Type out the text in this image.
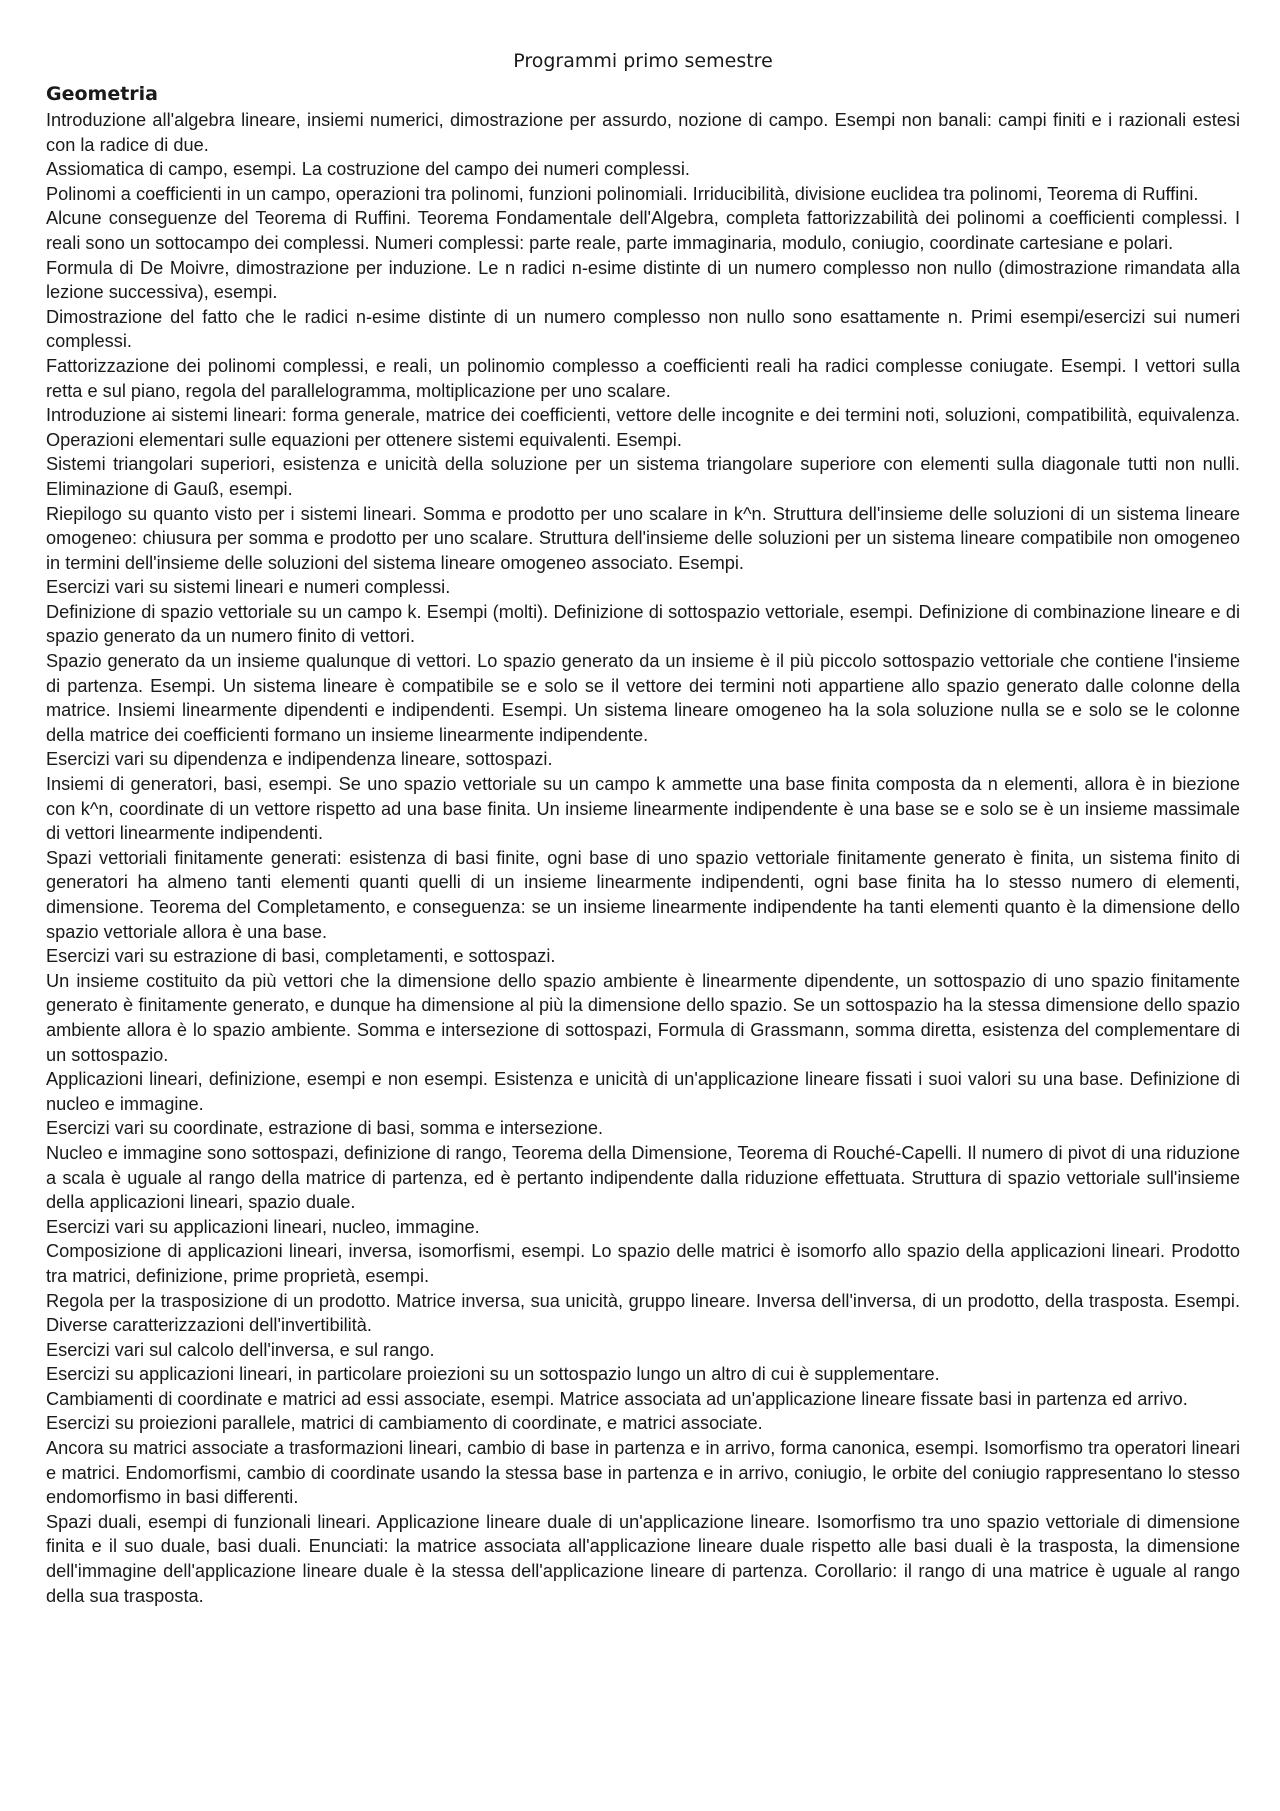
Programmi primo semestre
Geometria

Introduzione all'algebra lineare, insiemi numerici, dimostrazione per assurdo, nozione di campo. Esempi non banali: campi finiti e i razionali estesi con la radice di due.

Assiomatica di campo, esempi. La costruzione del campo dei numeri complessi.

Polinomi a coefficienti in un campo, operazioni tra polinomi, funzioni polinomiali. Irriducibilità, divisione euclidea tra polinomi, Teorema di Ruffini.

Alcune conseguenze del Teorema di Ruffini. Teorema Fondamentale dell'Algebra, completa fattorizzabilità dei polinomi a coefficienti complessi. I reali sono un sottocampo dei complessi. Numeri complessi: parte reale, parte immaginaria, modulo, coniugio, coordinate cartesiane e polari.

Formula di De Moivre, dimostrazione per induzione. Le n radici n-esime distinte di un numero complesso non nullo (dimostrazione rimandata alla lezione successiva), esempi.

Dimostrazione del fatto che le radici n-esime distinte di un numero complesso non nullo sono esattamente n. Primi esempi/esercizi sui numeri complessi.

Fattorizzazione dei polinomi complessi, e reali, un polinomio complesso a coefficienti reali ha radici complesse coniugate. Esempi. I vettori sulla retta e sul piano, regola del parallelogramma, moltiplicazione per uno scalare.

Introduzione ai sistemi lineari: forma generale, matrice dei coefficienti, vettore delle incognite e dei termini noti, soluzioni, compatibilità, equivalenza. Operazioni elementari sulle equazioni per ottenere sistemi equivalenti. Esempi.

Sistemi triangolari superiori, esistenza e unicità della soluzione per un sistema triangolare superiore con elementi sulla diagonale tutti non nulli. Eliminazione di Gauß, esempi.

Riepilogo su quanto visto per i sistemi lineari. Somma e prodotto per uno scalare in k^n. Struttura dell'insieme delle soluzioni di un sistema lineare omogeneo: chiusura per somma e prodotto per uno scalare. Struttura dell'insieme delle soluzioni per un sistema lineare compatibile non omogeneo in termini dell'insieme delle soluzioni del sistema lineare omogeneo associato. Esempi.

Esercizi vari su sistemi lineari e numeri complessi.

Definizione di spazio vettoriale su un campo k. Esempi (molti). Definizione di sottospazio vettoriale, esempi. Definizione di combinazione lineare e di spazio generato da un numero finito di vettori.

Spazio generato da un insieme qualunque di vettori. Lo spazio generato da un insieme è il più piccolo sottospazio vettoriale che contiene l'insieme di partenza. Esempi. Un sistema lineare è compatibile se e solo se il vettore dei termini noti appartiene allo spazio generato dalle colonne della matrice. Insiemi linearmente dipendenti e indipendenti. Esempi. Un sistema lineare omogeneo ha la sola soluzione nulla se e solo se le colonne della matrice dei coefficienti formano un insieme linearmente indipendente.

Esercizi vari su dipendenza e indipendenza lineare, sottospazi.

Insiemi di generatori, basi, esempi. Se uno spazio vettoriale su un campo k ammette una base finita composta da n elementi, allora è in biezione con k^n, coordinate di un vettore rispetto ad una base finita. Un insieme linearmente indipendente è una base se e solo se è un insieme massimale di vettori linearmente indipendenti.

Spazi vettoriali finitamente generati: esistenza di basi finite, ogni base di uno spazio vettoriale finitamente generato è finita, un sistema finito di generatori ha almeno tanti elementi quanti quelli di un insieme linearmente indipendenti, ogni base finita ha lo stesso numero di elementi, dimensione. Teorema del Completamento, e conseguenza: se un insieme linearmente indipendente ha tanti elementi quanto è la dimensione dello spazio vettoriale allora è una base.

Esercizi vari su estrazione di basi, completamenti, e sottospazi.

Un insieme costituito da più vettori che la dimensione dello spazio ambiente è linearmente dipendente, un sottospazio di uno spazio finitamente generato è finitamente generato, e dunque ha dimensione al più la dimensione dello spazio. Se un sottospazio ha la stessa dimensione dello spazio ambiente allora è lo spazio ambiente. Somma e intersezione di sottospazi, Formula di Grassmann, somma diretta, esistenza del complementare di un sottospazio.

Applicazioni lineari, definizione, esempi e non esempi. Esistenza e unicità di un'applicazione lineare fissati i suoi valori su una base. Definizione di nucleo e immagine.

Esercizi vari su coordinate, estrazione di basi, somma e intersezione.

Nucleo e immagine sono sottospazi, definizione di rango, Teorema della Dimensione, Teorema di Rouché-Capelli. Il numero di pivot di una riduzione a scala è uguale al rango della matrice di partenza, ed è pertanto indipendente dalla riduzione effettuata. Struttura di spazio vettoriale sull'insieme della applicazioni lineari, spazio duale.

Esercizi vari su applicazioni lineari, nucleo, immagine.

Composizione di applicazioni lineari, inversa, isomorfismi, esempi. Lo spazio delle matrici è isomorfo allo spazio della applicazioni lineari. Prodotto tra matrici, definizione, prime proprietà, esempi.

Regola per la trasposizione di un prodotto. Matrice inversa, sua unicità, gruppo lineare. Inversa dell'inversa, di un prodotto, della trasposta. Esempi. Diverse caratterizzazioni dell'invertibilità.

Esercizi vari sul calcolo dell'inversa, e sul rango.

Esercizi su applicazioni lineari, in particolare proiezioni su un sottospazio lungo un altro di cui è supplementare.

Cambiamenti di coordinate e matrici ad essi associate, esempi. Matrice associata ad un'applicazione lineare fissate basi in partenza ed arrivo.

Esercizi su proiezioni parallele, matrici di cambiamento di coordinate, e matrici associate.

Ancora su matrici associate a trasformazioni lineari, cambio di base in partenza e in arrivo, forma canonica, esempi. Isomorfismo tra operatori lineari e matrici. Endomorfismi, cambio di coordinate usando la stessa base in partenza e in arrivo, coniugio, le orbite del coniugio rappresentano lo stesso endomorfismo in basi differenti.

Spazi duali, esempi di funzionali lineari. Applicazione lineare duale di un'applicazione lineare. Isomorfismo tra uno spazio vettoriale di dimensione finita e il suo duale, basi duali. Enunciati: la matrice associata all'applicazione lineare duale rispetto alle basi duali è la trasposta, la dimensione dell'immagine dell'applicazione lineare duale è la stessa dell'applicazione lineare di partenza. Corollario: il rango di una matrice è uguale al rango della sua trasposta.
